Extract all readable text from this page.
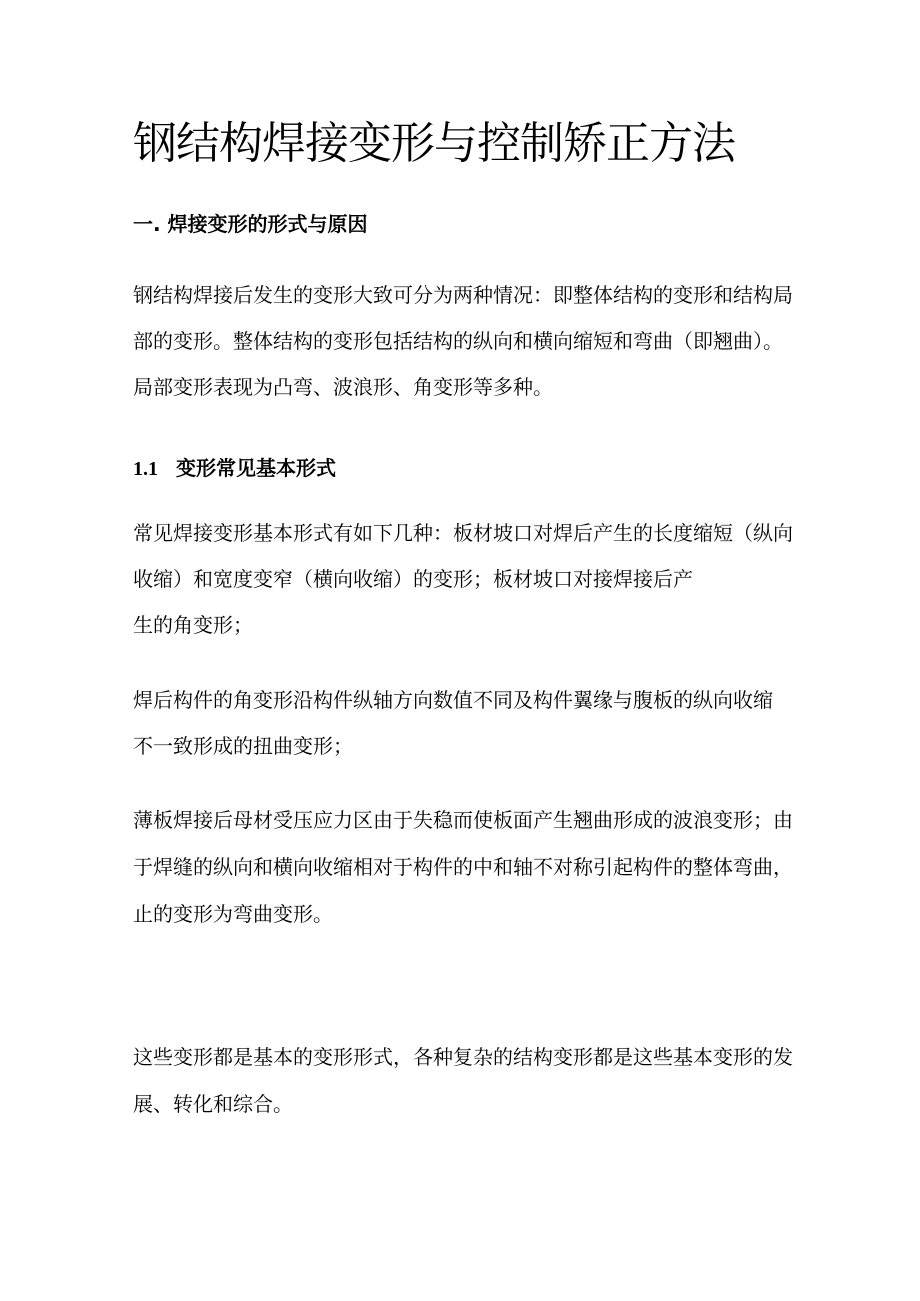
钢结构焊接变形与控制矫正方法
一. 焊接变形的形式与原因
钢结构焊接后发生的变形大致可分为两种情况：即整体结构的变形和结构局
部的变形。整体结构的变形包括结构的纵向和横向缩短和弯曲（即翘曲）。
局部变形表现为凸弯、波浪形、角变形等多种。
1.1 变形常见基本形式
常见焊接变形基本形式有如下几种：板材坡口对焊后产生的长度缩短（纵向
收缩）和宽度变窄（横向收缩）的变形；板材坡口对接焊接后产
生的角变形；
焊后构件的角变形沿构件纵轴方向数值不同及构件翼缘与腹板的纵向收缩
不一致形成的扭曲变形；
薄板焊接后母材受压应力区由于失稳而使板面产生翘曲形成的波浪变形；由
于焊缝的纵向和横向收缩相对于构件的中和轴不对称引起构件的整体弯曲，
止的变形为弯曲变形。
这些变形都是基本的变形形式，各种复杂的结构变形都是这些基本变形的发
展、转化和综合。
